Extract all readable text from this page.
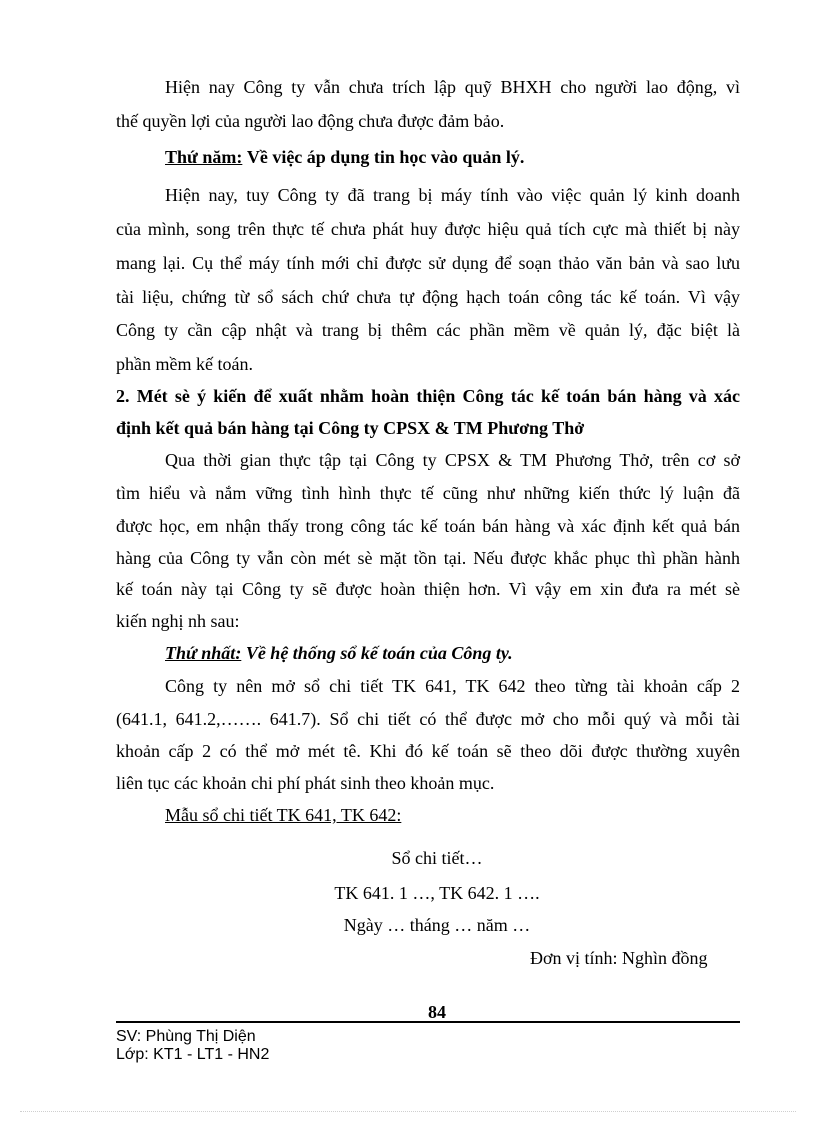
Hiện nay Công ty vẫn chưa trích lập quỹ BHXH cho người lao động, vì
thế quyền lợi của người lao động chưa được đảm bảo.
Thứ năm: Về việc áp dụng tin học vào quản lý.
Hiện nay, tuy Công ty đã trang bị máy tính vào việc quản lý kinh doanh
của mình, song trên thực tế chưa phát huy được hiệu quả tích cực mà thiết bị này
mang lại. Cụ thể máy tính mới chỉ được sử dụng để soạn thảo văn bản và sao lưu
tài liệu, chứng từ sổ sách chứ chưa tự động hạch toán công tác kế toán. Vì vậy
Công ty cần cập nhật và trang bị thêm các phần mềm về quản lý, đặc biệt là
phần mềm kế toán.
2. Mét sè ý kiến để xuất nhằm hoàn thiện Công tác kế toán bán hàng và xác
định kết quả bán hàng tại Công ty CPSX & TM Phương Thở
Qua thời gian thực tập tại Công ty CPSX & TM Phương Thở, trên cơ sở
tìm hiểu và nắm vững tình hình thực tế cũng như những kiến thức lý luận đã
được học, em nhận thấy trong công tác kế toán bán hàng và xác định kết quả bán
hàng của Công ty vẫn còn mét sè mặt tồn tại. Nếu được khắc phục thì phần hành
kế toán này tại Công ty sẽ được hoàn thiện hơn. Vì vậy em xin đưa ra mét sè
kiến nghị nh sau:
Thứ nhất: Về hệ thống sổ kế toán của Công ty.
Công ty nên mở sổ chi tiết TK 641, TK 642 theo từng tài khoản cấp 2
(641.1, 641.2,……. 641.7). Sổ chi tiết có thể được mở cho mỗi quý và mỗi tài
khoản cấp 2 có thể mở mét tê. Khi đó kế toán sẽ theo dõi được thường xuyên
liên tục các khoản chi phí phát sinh theo khoản mục.
Mẫu sổ chi tiết TK 641, TK 642:
Sổ chi tiết…
TK 641. 1 …, TK 642. 1 ….
Ngày … tháng … năm …
Đơn vị tính: Nghìn đồng
84
SV: Phùng Thị Diện
Lớp: KT1 - LT1 - HN2
